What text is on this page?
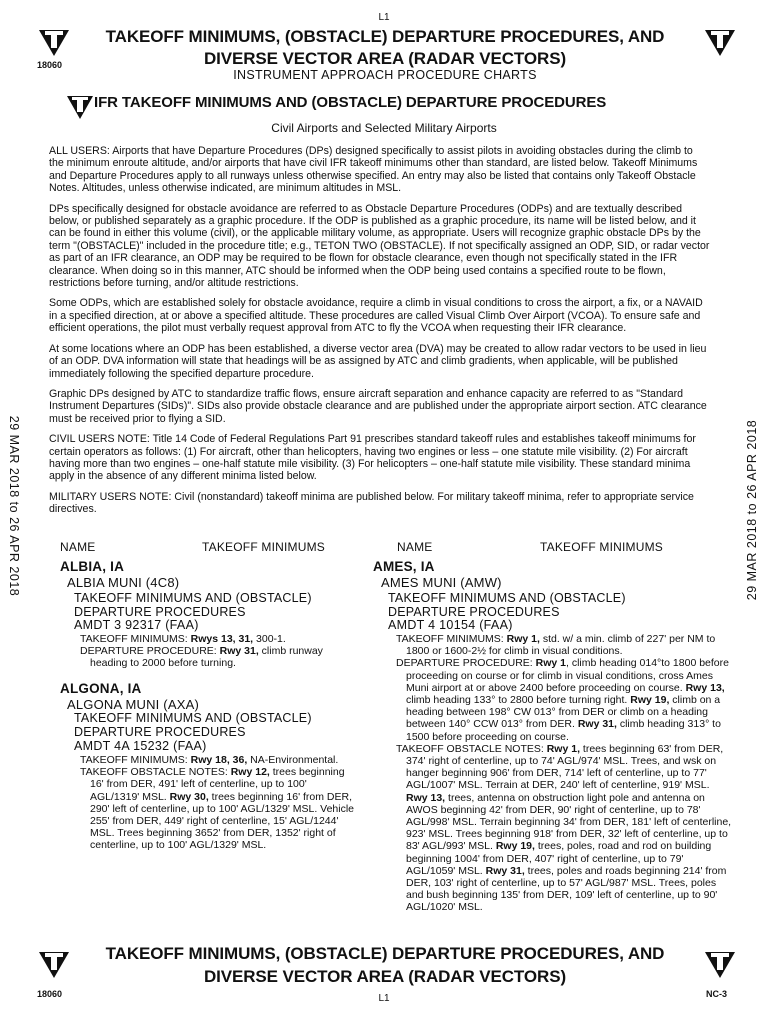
L1
18060
TAKEOFF MINIMUMS, (OBSTACLE) DEPARTURE PROCEDURES, AND
DIVERSE VECTOR AREA (RADAR VECTORS)
INSTRUMENT APPROACH PROCEDURE CHARTS
IFR TAKEOFF MINIMUMS AND (OBSTACLE) DEPARTURE PROCEDURES
Civil Airports and Selected Military Airports

ALL USERS: Airports that have Departure Procedures (DPs) designed specifically to assist pilots in avoiding obstacles during the climb to the minimum enroute altitude, and/or airports that have civil IFR takeoff minimums other than standard, are listed below. Takeoff Minimums and Departure Procedures apply to all runways unless otherwise specified. An entry may also be listed that contains only Takeoff Obstacle Notes. Altitudes, unless otherwise indicated, are minimum altitudes in MSL.

DPs specifically designed for obstacle avoidance are referred to as Obstacle Departure Procedures (ODPs) and are textually described below, or published separately as a graphic procedure. If the ODP is published as a graphic procedure, its name will be listed below, and it can be found in either this volume (civil), or the applicable military volume, as appropriate. Users will recognize graphic obstacle DPs by the term "(OBSTACLE)" included in the procedure title; e.g., TETON TWO (OBSTACLE). If not specifically assigned an ODP, SID, or radar vector as part of an IFR clearance, an ODP may be required to be flown for obstacle clearance, even though not specifically stated in the IFR clearance. When doing so in this manner, ATC should be informed when the ODP being used contains a specified route to be flown, restrictions before turning, and/or altitude restrictions.

Some ODPs, which are established solely for obstacle avoidance, require a climb in visual conditions to cross the airport, a fix, or a NAVAID in a specified direction, at or above a specified altitude. These procedures are called Visual Climb Over Airport (VCOA). To ensure safe and efficient operations, the pilot must verbally request approval from ATC to fly the VCOA when requesting their IFR clearance.

At some locations where an ODP has been established, a diverse vector area (DVA) may be created to allow radar vectors to be used in lieu of an ODP. DVA information will state that headings will be as assigned by ATC and climb gradients, when applicable, will be published immediately following the specified departure procedure.

Graphic DPs designed by ATC to standardize traffic flows, ensure aircraft separation and enhance capacity are referred to as "Standard Instrument Departures (SIDs)". SIDs also provide obstacle clearance and are published under the appropriate airport section. ATC clearance must be received prior to flying a SID.

CIVIL USERS NOTE: Title 14 Code of Federal Regulations Part 91 prescribes standard takeoff rules and establishes takeoff minimums for certain operators as follows: (1) For aircraft, other than helicopters, having two engines or less – one statute mile visibility. (2) For aircraft having more than two engines – one-half statute mile visibility. (3) For helicopters – one-half statute mile visibility. These standard minima apply in the absence of any different minima listed below.

MILITARY USERS NOTE: Civil (nonstandard) takeoff minima are published below. For military takeoff minima, refer to appropriate service directives.

29 MAR 2018 to 26 APR 2018	29 MAR 2018 to 26 APR 2018
NAME	TAKEOFF MINIMUMS	NAME	TAKEOFF MINIMUMS
ALBIA, IA
ALBIA MUNI (4C8)
TAKEOFF MINIMUMS AND (OBSTACLE)
DEPARTURE PROCEDURES
AMDT 3 92317 (FAA)

TAKEOFF MINIMUMS: Rwys 13, 31, 300-1.

DEPARTURE PROCEDURE: Rwy 31, climb runway heading to 2000 before turning.

ALGONA, IA
ALGONA MUNI (AXA)
TAKEOFF MINIMUMS AND (OBSTACLE)
DEPARTURE PROCEDURES
AMDT 4A 15232 (FAA)

TAKEOFF MINIMUMS: Rwy 18, 36, NA-Environmental.

TAKEOFF OBSTACLE NOTES: Rwy 12, trees beginning 16' from DER, 491' left of centerline, up to 100' AGL/1319' MSL. Rwy 30, trees beginning 16' from DER, 290' left of centerline, up to 100' AGL/1329' MSL. Vehicle 255' from DER, 449' right of centerline, 15' AGL/1244' MSL. Trees beginning 3652' from DER, 1352' right of centerline, up to 100' AGL/1329' MSL.

AMES, IA
AMES MUNI (AMW)
TAKEOFF MINIMUMS AND (OBSTACLE)
DEPARTURE PROCEDURES
AMDT 4 10154 (FAA)

TAKEOFF MINIMUMS: Rwy 1, std. w/ a min. climb of 227' per NM to 1800 or 1600-2½ for climb in visual conditions.

DEPARTURE PROCEDURE: Rwy 1, climb heading 014°to 1800 before proceeding on course or for climb in visual conditions, cross Ames Muni airport at or above 2400 before proceeding on course. Rwy 13, climb heading 133° to 2800 before turning right. Rwy 19, climb on a heading between 198° CW 013° from DER or climb on a heading between 140° CCW 013° from DER. Rwy 31, climb heading 313° to 1500 before proceeding on course.

TAKEOFF OBSTACLE NOTES: Rwy 1, trees beginning 63' from DER, 374' right of centerline, up to 74' AGL/974' MSL. Trees, and wsk on hanger beginning 906' from DER, 714' left of centerline, up to 77' AGL/1007' MSL. Terrain at DER, 240' left of centerline, 919' MSL. Rwy 13, trees, antenna on obstruction light pole and antenna on AWOS beginning 42' from DER, 90' right of centerline, up to 78' AGL/998' MSL. Terrain beginning 34' from DER, 181' left of centerline, 923' MSL. Trees beginning 918' from DER, 32' left of centerline, up to 83' AGL/993' MSL. Rwy 19, trees, poles, road and rod on building beginning 1004' from DER, 407' right of centerline, up to 79' AGL/1059' MSL. Rwy 31, trees, poles and roads beginning 214' from DER, 103' right of centerline, up to 57' AGL/987' MSL. Trees, poles and bush beginning 135' from DER, 109' left of centerline, up to 90' AGL/1020' MSL.

18060	NC-3
TAKEOFF MINIMUMS, (OBSTACLE) DEPARTURE PROCEDURES, AND
DIVERSE VECTOR AREA (RADAR VECTORS)
L1
